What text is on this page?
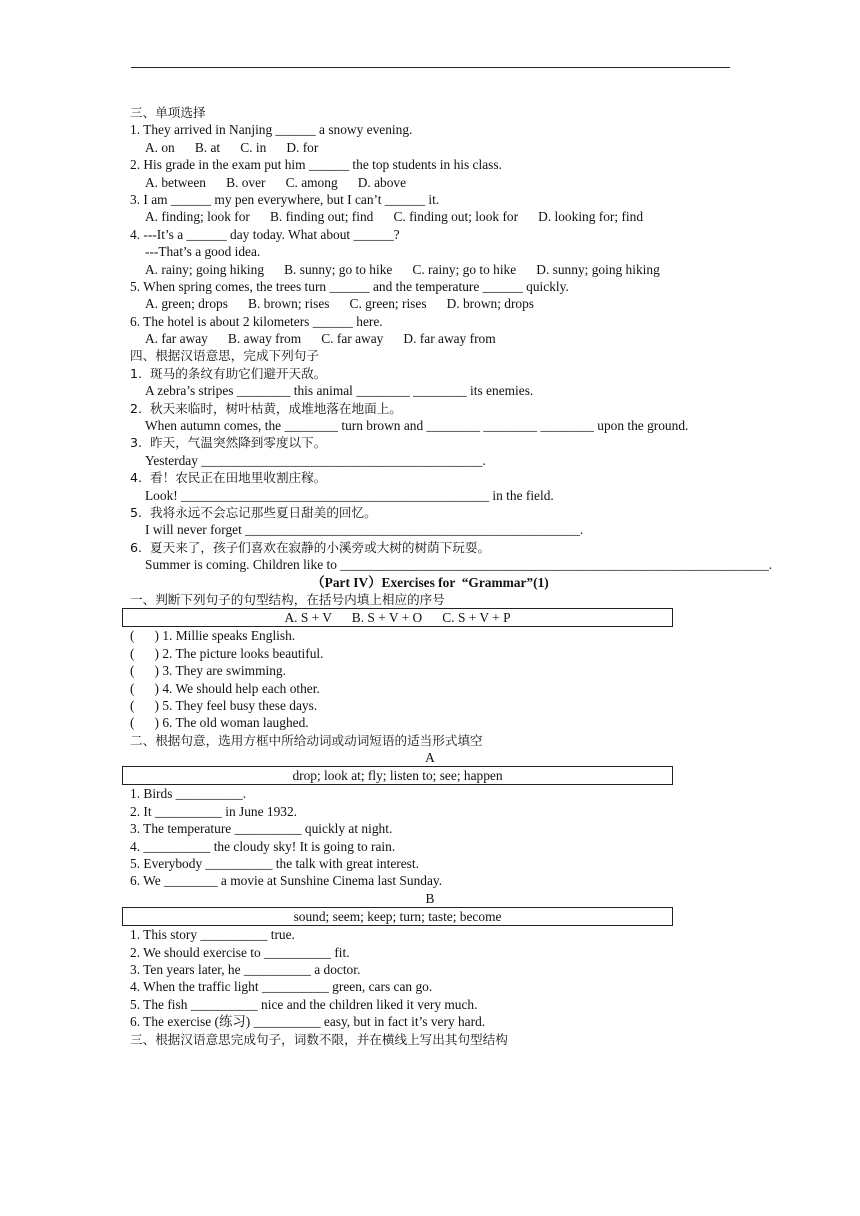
三、单项选择
1. They arrived in Nanjing ______ a snowy evening.
A. on      B. at      C. in      D. for
2. His grade in the exam put him ______ the top students in his class.
A. between      B. over      C. among      D. above
3. I am ______ my pen everywhere, but I can’t ______ it.
A. finding; look for      B. finding out; find      C. finding out; look for      D. looking for; find
4. ---It’s a ______ day today. What about ______?
---That’s a good idea.
A. rainy; going hiking      B. sunny; go to hike      C. rainy; go to hike      D. sunny; going hiking
5. When spring comes, the trees turn ______ and the temperature ______ quickly.
A. green; drops      B. brown; rises      C. green; rises      D. brown; drops
6. The hotel is about 2 kilometers ______ here.
A. far away      B. away from      C. far away      D. far away from
四、根据汉语意思，完成下列句子
1.  斑马的条纹有助它们避开天敌。
A zebra’s stripes ________ this animal ________ ________ its enemies.
2.  秋天来临时，树叶枯黄，成堆地落在地面上。
When autumn comes, the ________ turn brown and ________ ________ ________ upon the ground.
3.  昨天，气温突然降到零度以下。
Yesterday __________________________________________.
4.  看！农民正在田地里收割庄稼。
Look! ______________________________________________ in the field.
5.  我将永远不会忘记那些夏日甜美的回忆。
I will never forget __________________________________________________.
6.  夏天来了，孩子们喜欢在寂静的小溪旁或大树的树荫下玩耍。
Summer is coming. Children like to ________________________________________________________________.
（Part IV）Exercises for  “Grammar”(1)
一、判断下列句子的句型结构，在括号内填上相应的序号
A. S + V      B. S + V + O      C. S + V + P
(      ) 1. Millie speaks English.
(      ) 2. The picture looks beautiful.
(      ) 3. They are swimming.
(      ) 4. We should help each other.
(      ) 5. They feel busy these days.
(      ) 6. The old woman laughed.
二、根据句意，选用方框中所给动词或动词短语的适当形式填空
A
drop; look at; fly; listen to; see; happen
1. Birds __________.
2. It __________ in June 1932.
3. The temperature __________ quickly at night.
4. __________ the cloudy sky! It is going to rain.
5. Everybody __________ the talk with great interest.
6. We ________ a movie at Sunshine Cinema last Sunday.
B
sound; seem; keep; turn; taste; become
1. This story __________ true.
2. We should exercise to __________ fit.
3. Ten years later, he __________ a doctor.
4. When the traffic light __________ green, cars can go.
5. The fish __________ nice and the children liked it very much.
6. The exercise (练习) __________ easy, but in fact it’s very hard.
三、根据汉语意思完成句子，词数不限，并在横线上写出其句型结构
